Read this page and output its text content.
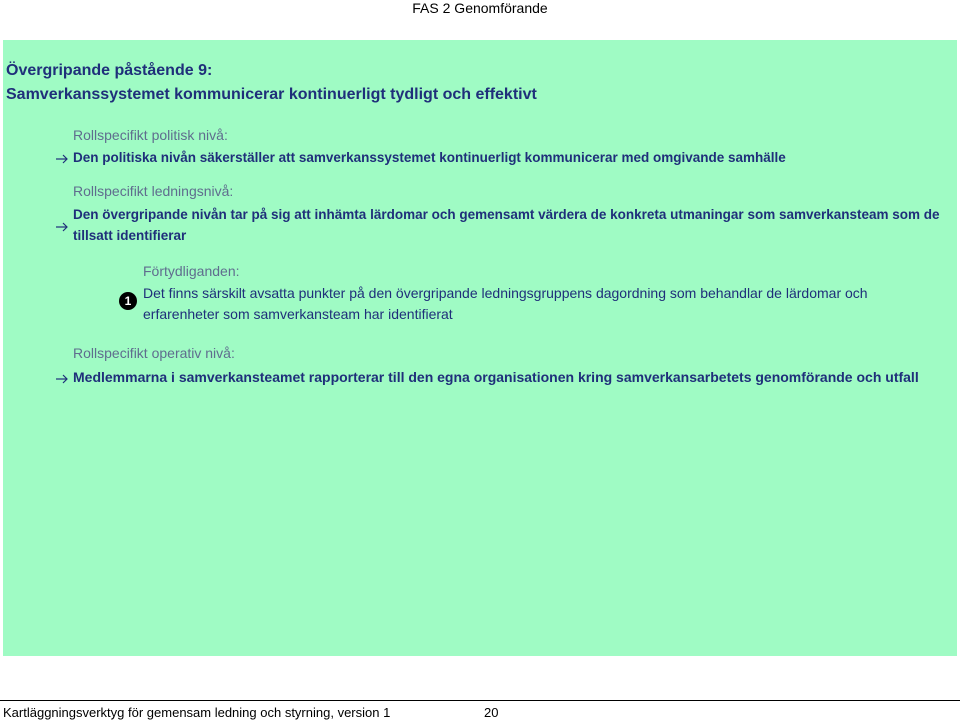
FAS 2 Genomförande
Övergripande påstående 9:
Samverkanssystemet kommunicerar kontinuerligt tydligt och effektivt
Rollspecifikt politisk nivå:
Den politiska nivån säkerställer att samverkanssystemet kontinuerligt kommunicerar med omgivande samhälle
Rollspecifikt ledningsnivå:
Den övergripande nivån tar på sig att inhämta lärdomar och gemensamt värdera de konkreta utmaningar som samverkansteam som de tillsatt identifierar
1
Förtydliganden:
Det finns särskilt avsatta punkter på den övergripande ledningsgruppens dagordning som behandlar de lärdomar och erfarenheter som samverkansteam har identifierat
Rollspecifikt operativ nivå:
Medlemmarna i samverkansteamet rapporterar till den egna organisationen kring samverkansarbetets genomförande och utfall
Kartläggningsverktyg för gemensam ledning och styrning, version 1	20
